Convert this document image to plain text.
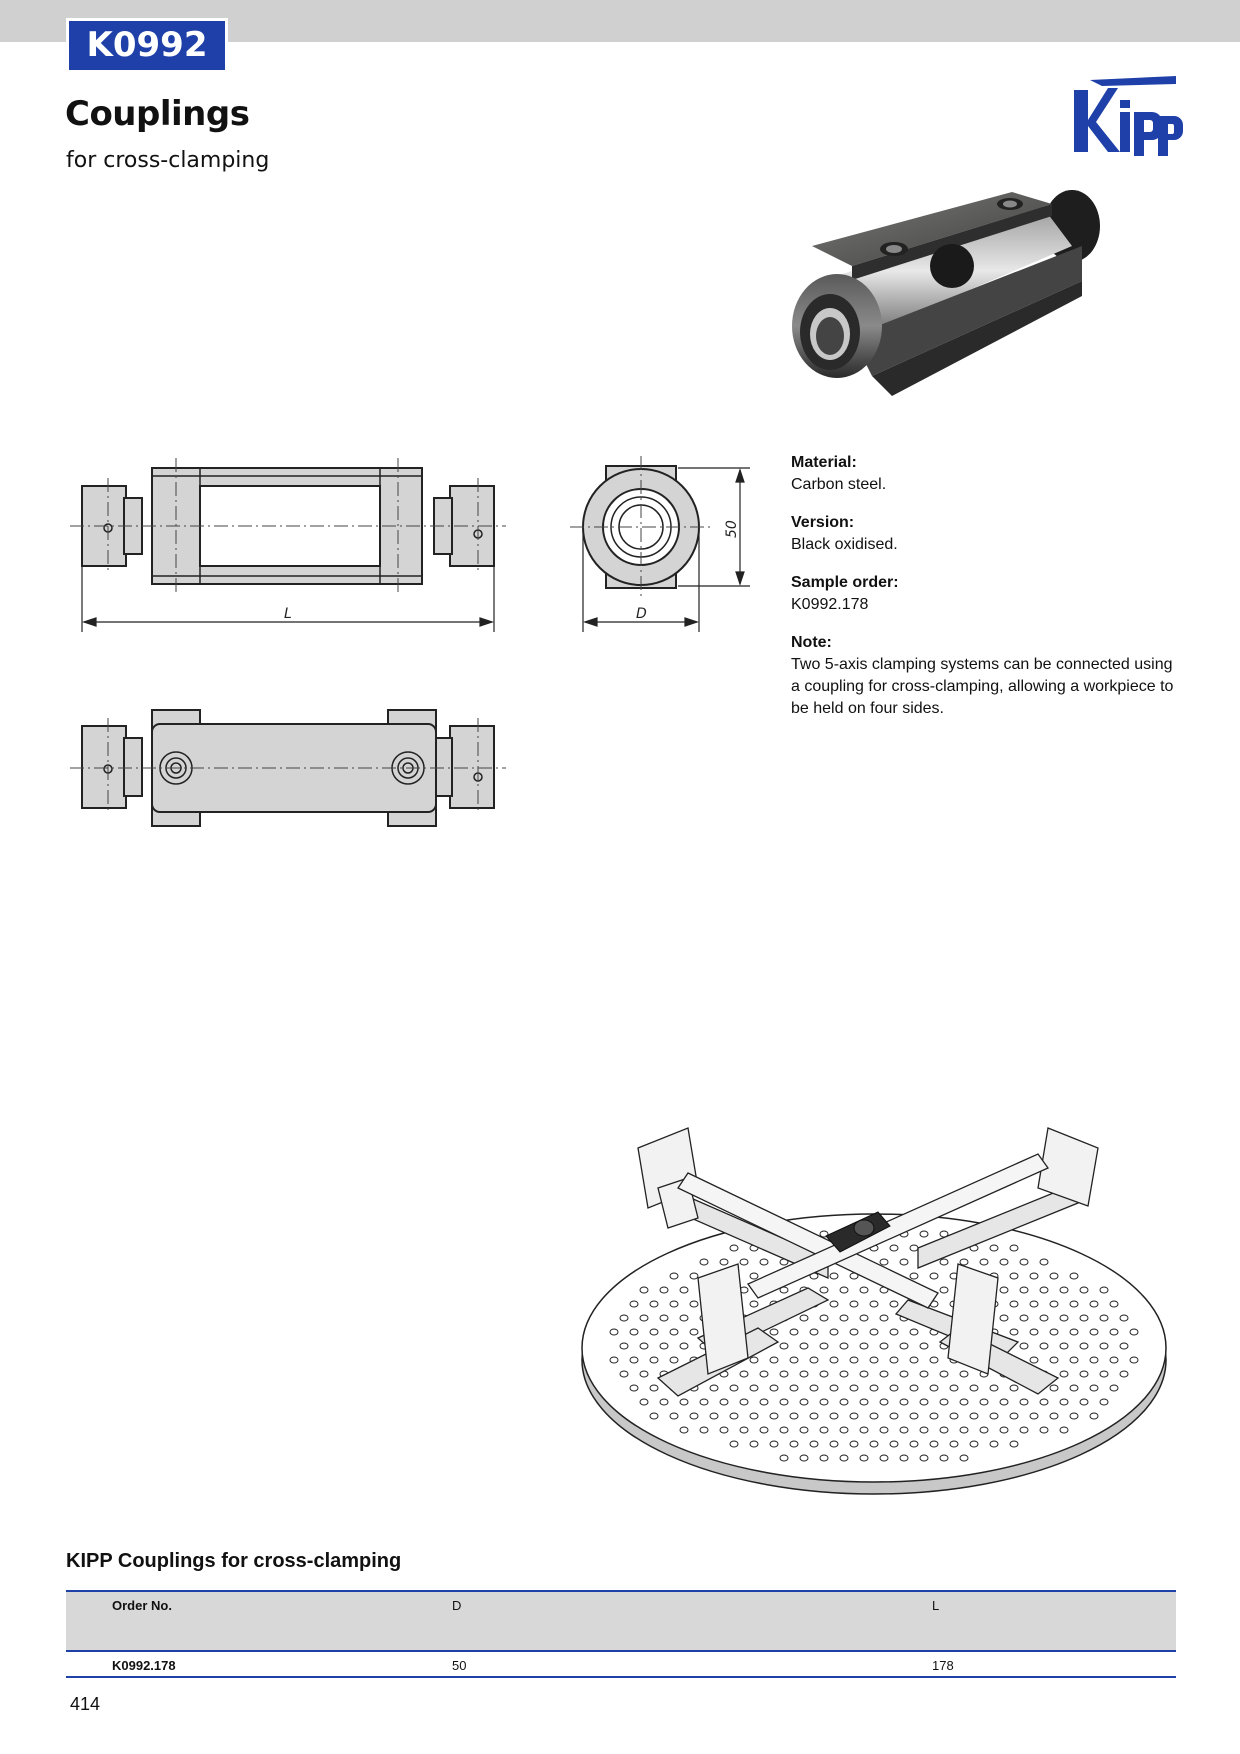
K0992
Couplings
for cross-clamping
L	D
50
Material:
Carbon steel.
Version:
Black oxidised.
Sample order:
K0992.178
Note:
Two 5-axis clamping systems can be connected using a coupling for cross-clamping, allowing a workpiece to be held on four sides.
KIPP Couplings for cross-clamping
Order No.	D	L
K0992.178	50	178
414
